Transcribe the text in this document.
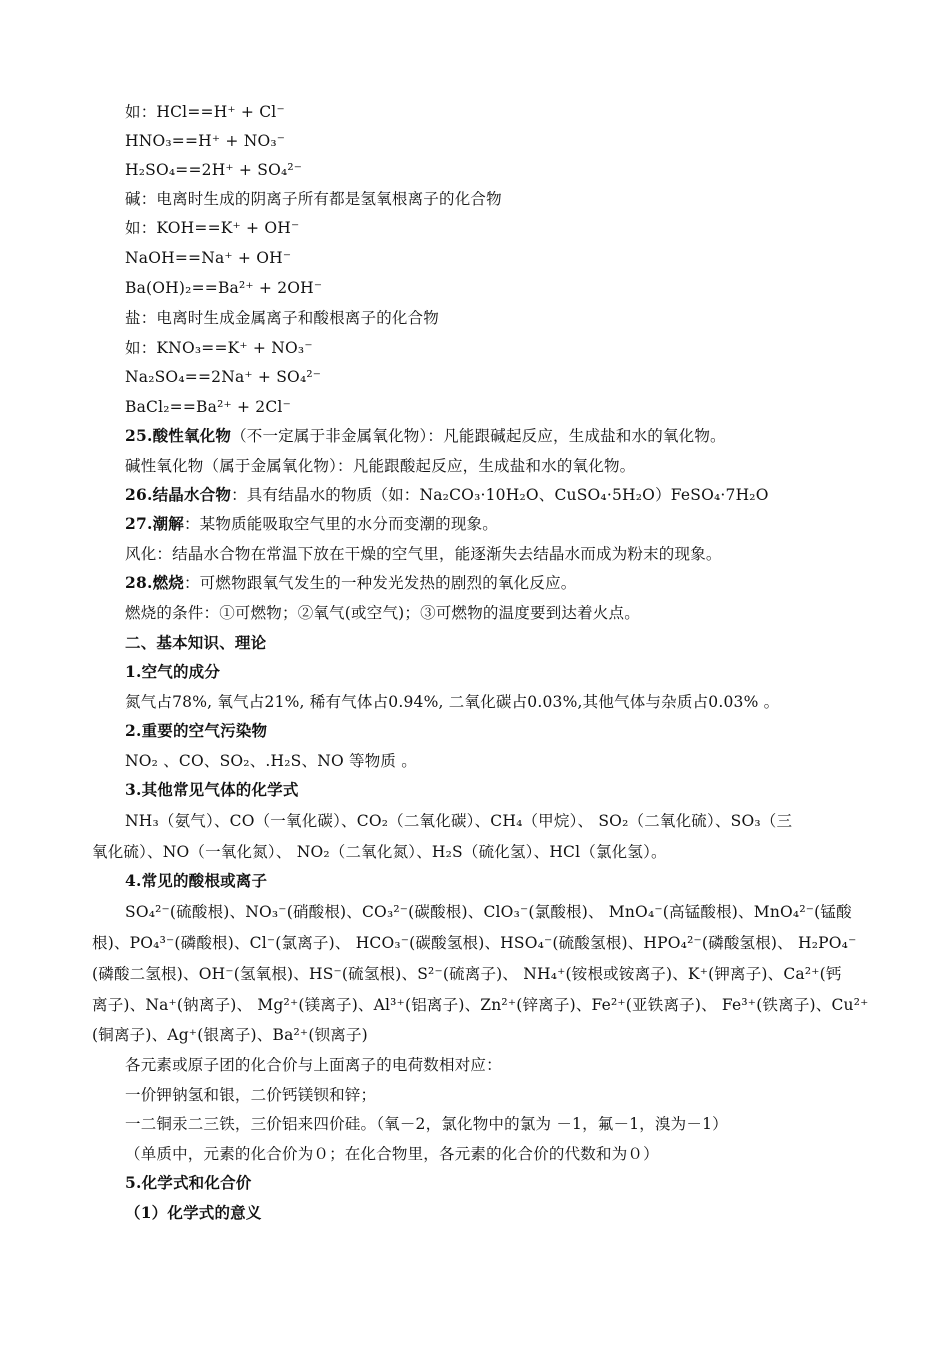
如：HCl==H⁺ + Cl⁻
HNO₃==H⁺ + NO₃⁻
H₂SO₄==2H⁺ + SO₄²⁻
碱：电离时生成的阴离子所有都是氢氧根离子的化合物
如：KOH==K⁺ + OH⁻
NaOH==Na⁺ + OH⁻
Ba(OH)₂==Ba²⁺ + 2OH⁻
盐：电离时生成金属离子和酸根离子的化合物
如：KNO₃==K⁺ + NO₃⁻
Na₂SO₄==2Na⁺ + SO₄²⁻
BaCl₂==Ba²⁺ + 2Cl⁻
25.酸性氧化物（不一定属于非金属氧化物）：凡能跟碱起反应，生成盐和水的氧化物。
碱性氧化物（属于金属氧化物）：凡能跟酸起反应，生成盐和水的氧化物。
26.结晶水合物：具有结晶水的物质（如：Na₂CO₃·10H₂O、CuSO₄·5H₂O）FeSO₄·7H₂O
27.潮解：某物质能吸取空气里的水分而变潮的现象。
风化：结晶水合物在常温下放在干燥的空气里，能逐渐失去结晶水而成为粉末的现象。
28.燃烧：可燃物跟氧气发生的一种发光发热的剧烈的氧化反应。
燃烧的条件：①可燃物；②氧气(或空气)；③可燃物的温度要到达着火点。
二、基本知识、理论
1.空气的成分
氮气占78%, 氧气占21%, 稀有气体占0.94%, 二氧化碳占0.03%,其他气体与杂质占0.03% 。
2.重要的空气污染物
NO₂ 、CO、SO₂、.H₂S、NO 等物质 。
3.其他常见气体的化学式
NH₃（氨气）、CO（一氧化碳）、CO₂（二氧化碳）、CH₄（甲烷）、 SO₂（二氧化硫）、SO₃（三
氧化硫）、NO（一氧化氮）、 NO₂（二氧化氮）、H₂S（硫化氢）、HCl（氯化氢）。
4.常见的酸根或离子
SO₄²⁻(硫酸根)、NO₃⁻(硝酸根)、CO₃²⁻(碳酸根)、ClO₃⁻(氯酸根)、 MnO₄⁻(高锰酸根)、MnO₄²⁻(锰酸
根)、PO₄³⁻(磷酸根)、Cl⁻(氯离子)、 HCO₃⁻(碳酸氢根)、HSO₄⁻(硫酸氢根)、HPO₄²⁻(磷酸氢根)、 H₂PO₄⁻
(磷酸二氢根)、OH⁻(氢氧根)、HS⁻(硫氢根)、S²⁻(硫离子)、 NH₄⁺(铵根或铵离子)、K⁺(钾离子)、Ca²⁺(钙
离子)、Na⁺(钠离子)、 Mg²⁺(镁离子)、Al³⁺(铝离子)、Zn²⁺(锌离子)、Fe²⁺(亚铁离子)、 Fe³⁺(铁离子)、Cu²⁺
(铜离子)、Ag⁺(银离子)、Ba²⁺(钡离子)
各元素或原子团的化合价与上面离子的电荷数相对应：
一价钾钠氢和银，二价钙镁钡和锌；
一二铜汞二三铁，三价铝来四价硅。（氧－2，氯化物中的氯为 －1，氟－1，溴为－1）
（单质中，元素的化合价为０；在化合物里，各元素的化合价的代数和为０）
5.化学式和化合价
（1）化学式的意义
